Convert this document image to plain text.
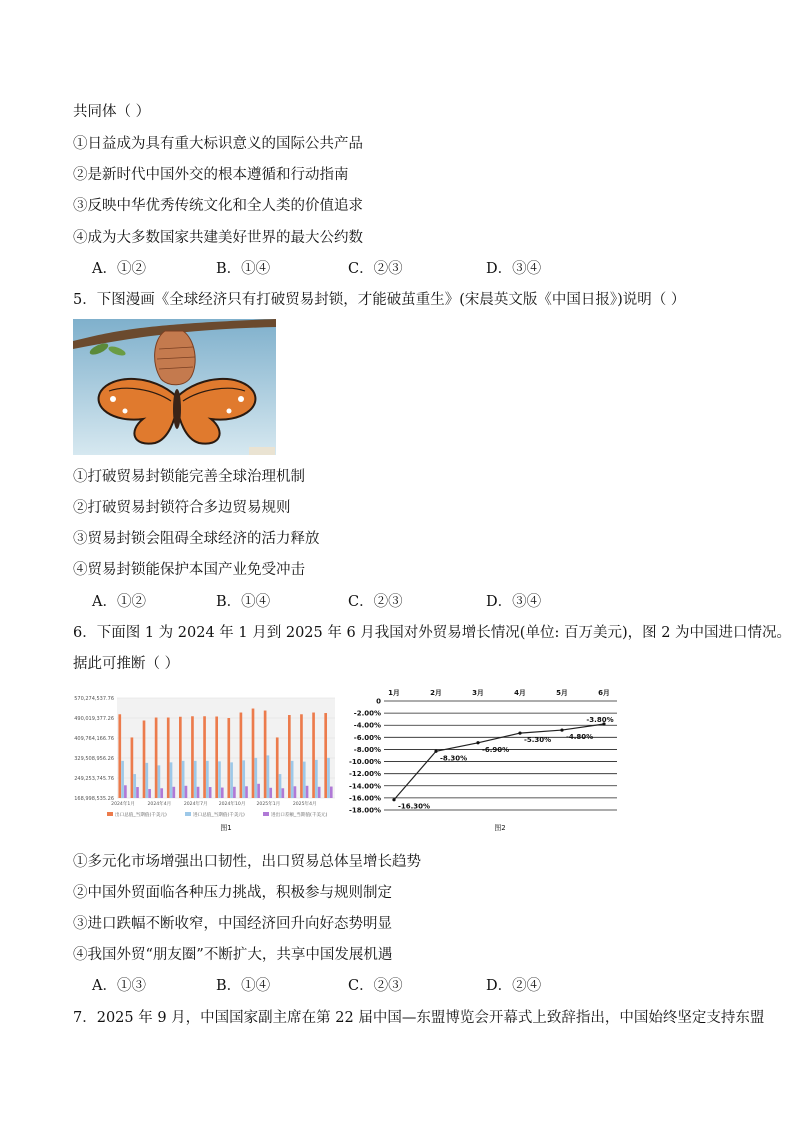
共同体（ ）
①日益成为具有重大标识意义的国际公共产品
②是新时代中国外交的根本遵循和行动指南
③反映中华优秀传统文化和全人类的价值追求
④成为大多数国家共建美好世界的最大公约数
A．①②	B．①④	C．②③	D．③④
5．下图漫画《全球经济只有打破贸易封锁，才能破茧重生》(宋晨英文版《中国日报》)说明（ ）
①打破贸易封锁能完善全球治理机制
②打破贸易封锁符合多边贸易规则
③贸易封锁会阻碍全球经济的活力释放
④贸易封锁能保护本国产业免受冲击
A．①②	B．①④	C．②③	D．③④
6．下面图 1 为 2024 年 1 月到 2025 年 6 月我国对外贸易增长情况(单位: 百万美元)，图 2 为中国进口情况。
据此可推断（ ）
570,274,537.76
490,019,377.26
409,764,166.76
329,508,956.26
249,253,745.76
168,998,535.26
2024年1月	2024年4月	2024年7月 2024年10月 2025年1月	2025年4月
出口总值_当期值(千美元)	进口总值_当期值(千美元)	进出口差额_当期值(千美元)
图1
0
-2.00%
-4.00%
-6.00%
-8.00%
-10.00%
-12.00%
-14.00%
-16.00%
-18.00%
1月	2月	3月	4月	5月	6月
-16.30%
-8.30%
-6.90%
-5.30% -4.80%
-3.80%
图2
①多元化市场增强出口韧性，出口贸易总体呈增长趋势
②中国外贸面临各种压力挑战，积极参与规则制定
③进口跌幅不断收窄，中国经济回升向好态势明显
④我国外贸“朋友圈”不断扩大，共享中国发展机遇
A．①③	B．①④	C．②③	D．②④
7．2025 年 9 月，中国国家副主席在第 22 届中国—东盟博览会开幕式上致辞指出，中国始终坚定支持东盟
